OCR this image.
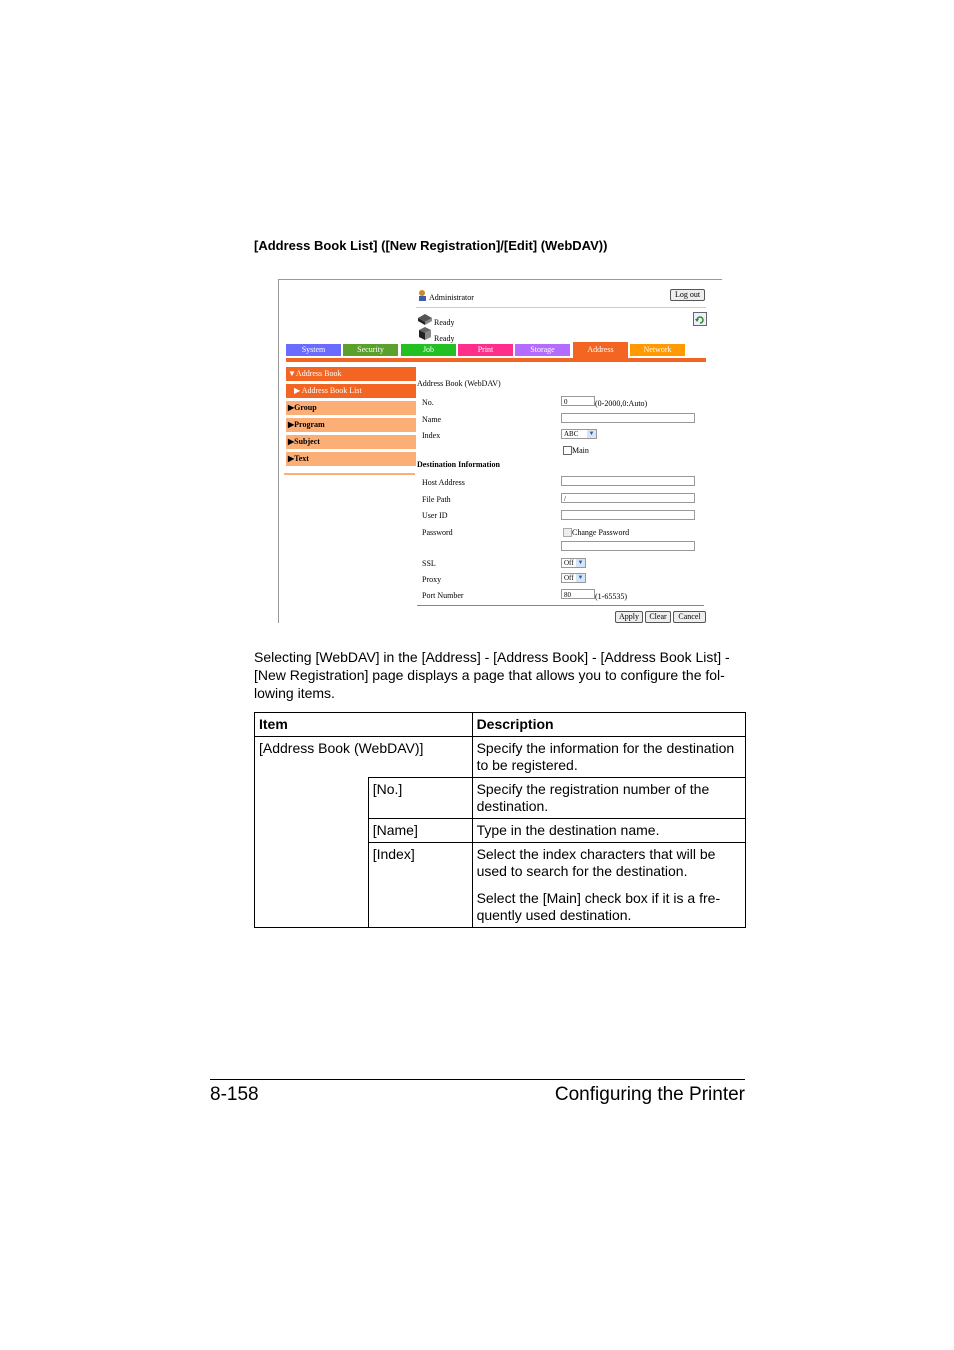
[Address Book List] ([New Registration]/[Edit] (WebDAV))
Administrator	Log out
Ready
Ready
System	Security	Job	Print	Storage	Address	Network
▼Address Book
▶ Address Book List
▶Group
▶Program
▶Subject
▶Text
Address Book (WebDAV)
No.	0	(0-2000,0:Auto)
Name
Index	ABC ▼
Main
Destination Information
Host Address
File Path	/
User ID
Password	Change Password
SSL	Off ▼
Proxy	Off ▼
Port Number	80	(1-65535)
Apply	Clear	Cancel
Selecting [WebDAV] in the [Address] - [Address Book] - [Address Book List] - [New Registration] page displays a page that allows you to configure the fol-lowing items.
Item		Description
[Address Book (WebDAV)]		Specify the information for the destination to be registered.
	[No.]	Specify the registration number of the destination.
	[Name]	Type in the destination name.
	[Index]	Select the index characters that will be used to search for the destination.
Select the [Main] check box if it is a fre-quently used destination.
8-158	Configuring the Printer
